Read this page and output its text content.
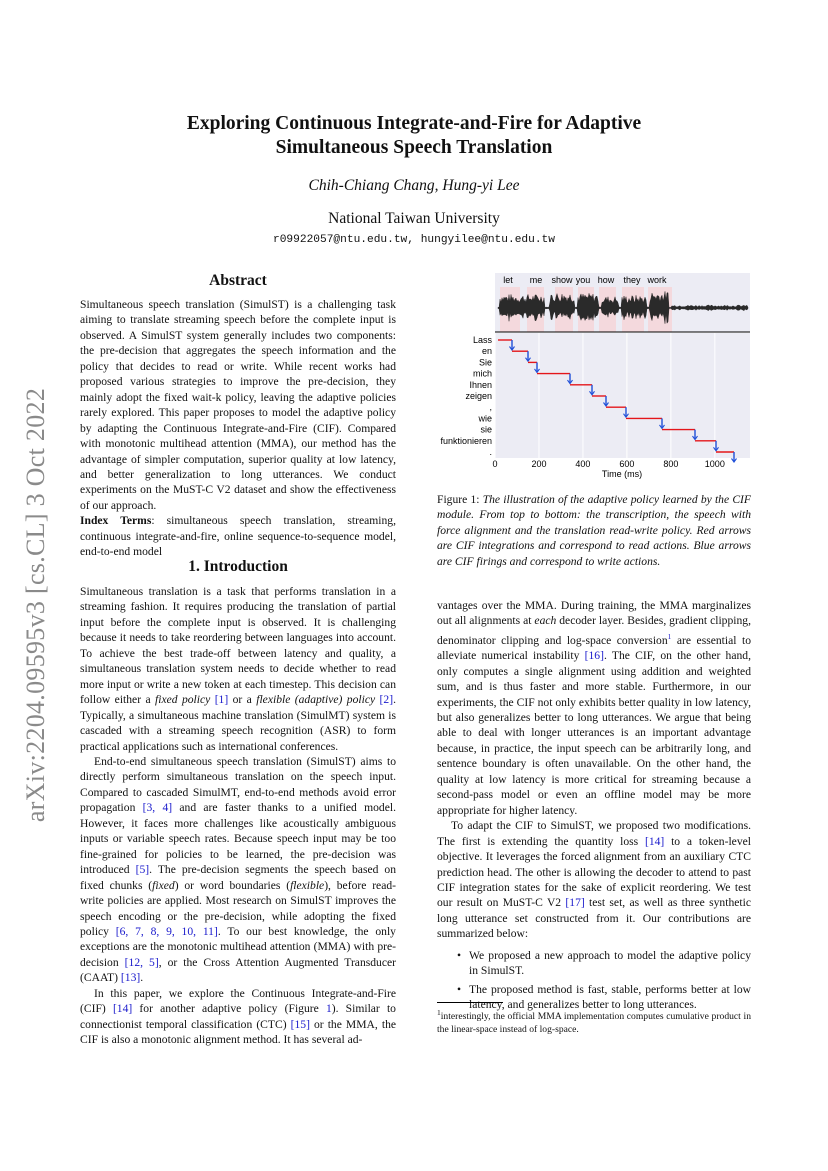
arXiv:2204.09595v3 [cs.CL] 3 Oct 2022
Exploring Continuous Integrate-and-Fire for Adaptive
Simultaneous Speech Translation
Chih-Chiang Chang, Hung-yi Lee
National Taiwan University
r09922057@ntu.edu.tw, hungyilee@ntu.edu.tw
Abstract

Simultaneous speech translation (SimulST) is a challenging task aiming to translate streaming speech before the complete input is observed. A SimulST system generally includes two components: the pre-decision that aggregates the speech information and the policy that decides to read or write. While recent works had proposed various strategies to improve the pre-decision, they mainly adopt the fixed wait-k policy, leaving the adaptive policies rarely explored. This paper proposes to model the adaptive policy by adapting the Continuous Integrate-and-Fire (CIF). Compared with monotonic multihead attention (MMA), our method has the advantage of simpler computation, superior quality at low latency, and better generalization to long utterances. We conduct experiments on the MuST-C V2 dataset and show the effectiveness of our approach.

Index Terms: simultaneous speech translation, streaming, continuous integrate-and-fire, online sequence-to-sequence model, end-to-end model

1. Introduction

Simultaneous translation is a task that performs translation in a streaming fashion. It requires producing the translation of partial input before the complete input is observed. It is challenging because it needs to take reordering between languages into account. To achieve the best trade-off between latency and quality, a simultaneous translation system needs to decide whether to read more input or write a new token at each timestep. This decision can follow either a fixed policy [1] or a flexible (adaptive) policy [2]. Typically, a simultaneous machine translation (SimulMT) system is cascaded with a streaming speech recognition (ASR) to form practical applications such as international conferences.

End-to-end simultaneous speech translation (SimulST) aims to directly perform simultaneous translation on the speech input. Compared to cascaded SimulMT, end-to-end methods avoid error propagation [3, 4] and are faster thanks to a unified model. However, it faces more challenges like acoustically ambiguous inputs or variable speech rates. Because speech input may be too fine-grained for policies to be learned, the pre-decision was introduced [5]. The pre-decision segments the speech based on fixed chunks (fixed) or word boundaries (flexible), before read-write policies are applied. Most research on SimulST improves the speech encoding or the pre-decision, while adopting the fixed policy [6, 7, 8, 9, 10, 11]. To our best knowledge, the only exceptions are the monotonic multihead attention (MMA) with pre-decision [12, 5], or the Cross Attention Augmented Transducer (CAAT) [13].

In this paper, we explore the Continuous Integrate-and-Fire (CIF) [14] for another adaptive policy (Figure 1). Similar to connectionist temporal classification (CTC) [15] or the MMA, the CIF is also a monotonic alignment method. It has several ad-

let me show you how they work
Lass
en
Sie
mich
Ihnen
zeigen
,
wie
sie
funktionieren
.
0	200	400	600	800	1000
Time (ms)
Figure 1: The illustration of the adaptive policy learned by the CIF module. From top to bottom: the transcription, the speech with force alignment and the translation read-write policy. Red arrows are CIF integrations and correspond to read actions. Blue arrows are CIF firings and correspond to write actions.

vantages over the MMA. During training, the MMA marginalizes out all alignments at each decoder layer. Besides, gradient clipping, denominator clipping and log-space conversion$^1$ are essential to alleviate numerical instability [16]. The CIF, on the other hand, only computes a single alignment using addition and weighted sum, and is thus faster and more stable. Furthermore, in our experiments, the CIF not only exhibits better quality in low latency, but also generalizes better to long utterances. We argue that being able to deal with longer utterances is an important advantage because, in practice, the input speech can be arbitrarily long, and sentence boundary is often unavailable. On the other hand, the quality at low latency is more critical for streaming because a second-pass model or even an offline model may be more appropriate for higher latency.

To adapt the CIF to SimulST, we proposed two modifications. The first is extending the quantity loss [14] to a token-level objective. It leverages the forced alignment from an auxiliary CTC prediction head. The other is allowing the decoder to attend to past CIF integration states for the sake of explicit reordering. We test our result on MuST-C V2 [17] test set, as well as three synthetic long utterance set constructed from it. Our contributions are summarized below:

• We proposed a new approach to model the adaptive policy in SimulST.
• The proposed method is fast, stable, performs better at low latency, and generalizes better to long utterances.
$^1$interestingly, the official MMA implementation computes cumulative product in the linear-space instead of log-space.
